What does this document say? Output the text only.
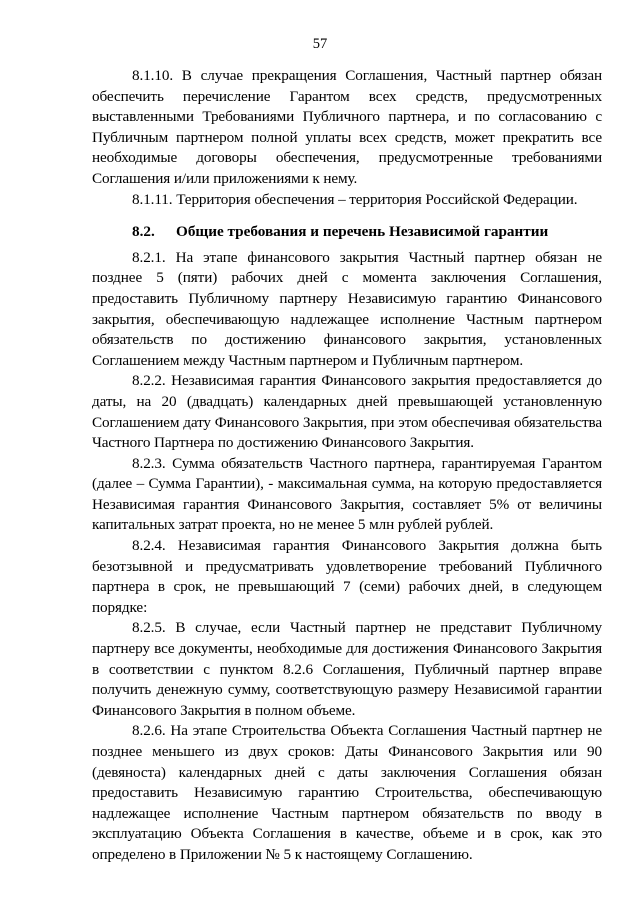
57

8.1.10. В случае прекращения Соглашения, Частный партнер обязан обеспечить перечисление Гарантом всех средств, предусмотренных выставленными Требованиями Публичного партнера, и по согласованию с Публичным партнером полной уплаты всех средств, может прекратить все необходимые договоры обеспечения, предусмотренные требованиями Соглашения и/или приложениями к нему.

8.1.11. Территория обеспечения – территория Российской Федерации.

8.2. Общие требования и перечень Независимой гарантии

8.2.1. На этапе финансового закрытия Частный партнер обязан не позднее 5 (пяти) рабочих дней с момента заключения Соглашения, предоставить Публичному партнеру Независимую гарантию Финансового закрытия, обеспечивающую надлежащее исполнение Частным партнером обязательств по достижению финансового закрытия, установленных Соглашением между Частным партнером и Публичным партнером.

8.2.2. Независимая гарантия Финансового закрытия предоставляется до даты, на 20 (двадцать) календарных дней превышающей установленную Соглашением дату Финансового Закрытия, при этом обеспечивая обязательства Частного Партнера по достижению Финансового Закрытия.

8.2.3. Сумма обязательств Частного партнера, гарантируемая Гарантом (далее – Сумма Гарантии), - максимальная сумма, на которую предоставляется Независимая гарантия Финансового Закрытия, составляет 5% от величины капитальных затрат проекта, но не менее 5 млн рублей рублей.

8.2.4. Независимая гарантия Финансового Закрытия должна быть безотзывной и предусматривать удовлетворение требований Публичного партнера в срок, не превышающий 7 (семи) рабочих дней, в следующем порядке:

8.2.5. В случае, если Частный партнер не представит Публичному партнеру все документы, необходимые для достижения Финансового Закрытия в соответствии с пунктом 8.2.6 Соглашения, Публичный партнер вправе получить денежную сумму, соответствующую размеру Независимой гарантии Финансового Закрытия в полном объеме.

8.2.6. На этапе Строительства Объекта Соглашения Частный партнер не позднее меньшего из двух сроков: Даты Финансового Закрытия или 90 (девяноста) календарных дней с даты заключения Соглашения обязан предоставить Независимую гарантию Строительства, обеспечивающую надлежащее исполнение Частным партнером обязательств по вводу в эксплуатацию Объекта Соглашения в качестве, объеме и в срок, как это определено в Приложении № 5 к настоящему Соглашению.
